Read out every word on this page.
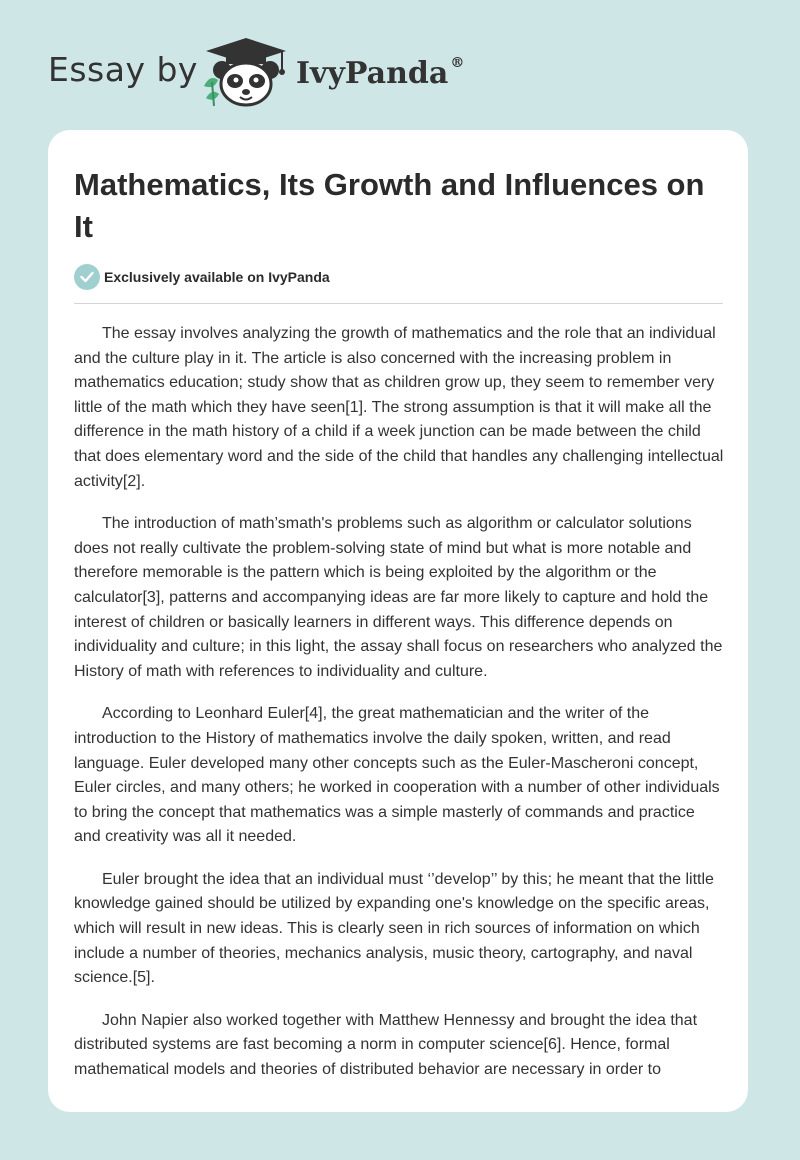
Essay by	IvyPanda ®
Mathematics, Its Growth and Influences on It
Exclusively available on IvyPanda

The essay involves analyzing the growth of mathematics and the role that an individual and the culture play in it. The article is also concerned with the increasing problem in mathematics education; study show that as children grow up, they seem to remember very little of the math which they have seen[1]. The strong assumption is that it will make all the difference in the math history of a child if a week junction can be made between the child that does elementary word and the side of the child that handles any challenging intellectual activity[2].

The introduction of math’smath's problems such as algorithm or calculator solutions does not really cultivate the problem-solving state of mind but what is more notable and therefore memorable is the pattern which is being exploited by the algorithm or the calculator[3], patterns and accompanying ideas are far more likely to capture and hold the interest of children or basically learners in different ways. This difference depends on individuality and culture; in this light, the assay shall focus on researchers who analyzed the History of math with references to individuality and culture.

According to Leonhard Euler[4], the great mathematician and the writer of the introduction to the History of mathematics involve the daily spoken, written, and read language. Euler developed many other concepts such as the Euler-Mascheroni concept, Euler circles, and many others; he worked in cooperation with a number of other individuals to bring the concept that mathematics was a simple masterly of commands and practice and creativity was all it needed.

Euler brought the idea that an individual must ‘’develop’’ by this; he meant that the little knowledge gained should be utilized by expanding one's knowledge on the specific areas, which will result in new ideas. This is clearly seen in rich sources of information on which include a number of theories, mechanics analysis, music theory, cartography, and naval science.[5].

John Napier also worked together with Matthew Hennessy and brought the idea that distributed systems are fast becoming a norm in computer science[6]. Hence, formal mathematical models and theories of distributed behavior are necessary in order to
